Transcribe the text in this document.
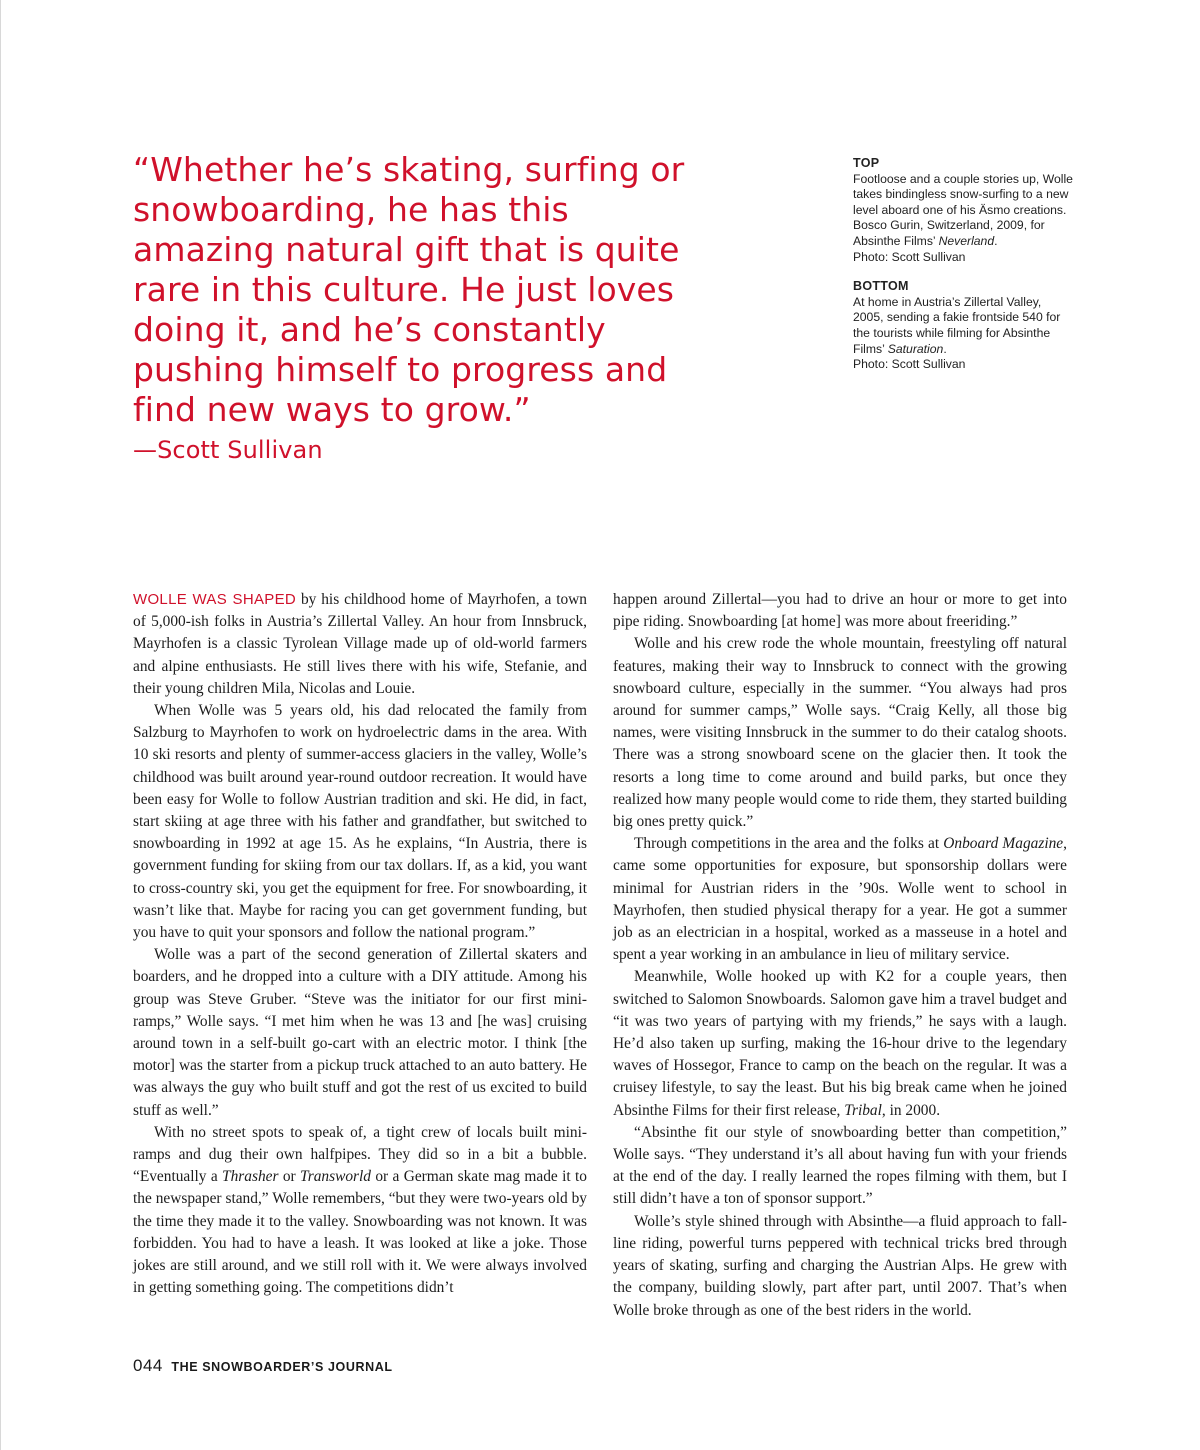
“Whether he’s skating, surfing or snowboarding, he has this amazing natural gift that is quite rare in this culture. He just loves doing it, and he’s constantly pushing himself to progress and find new ways to grow.”
—Scott Sullivan

TOP
Footloose and a couple stories up, Wolle takes bindingless snow-surfing to a new level aboard one of his Äsmo creations. Bosco Gurin, Switzerland, 2009, for Absinthe Films’ Neverland.
Photo: Scott Sullivan

BOTTOM
At home in Austria’s Zillertal Valley, 2005, sending a fakie frontside 540 for the tourists while filming for Absinthe Films’ Saturation.
Photo: Scott Sullivan

WOLLE WAS SHAPED by his childhood home of Mayrhofen, a town of 5,000-ish folks in Austria’s Zillertal Valley. An hour from Innsbruck, Mayrhofen is a classic Tyrolean Village made up of old-world farmers and alpine enthusiasts. He still lives there with his wife, Stefanie, and their young children Mila, Nicolas and Louie.

When Wolle was 5 years old, his dad relocated the family from Salzburg to Mayrhofen to work on hydroelectric dams in the area. With 10 ski resorts and plenty of summer-access glaciers in the valley, Wolle’s childhood was built around year-round outdoor recreation. It would have been easy for Wolle to follow Austrian tradition and ski. He did, in fact, start skiing at age three with his father and grandfather, but switched to snowboarding in 1992 at age 15. As he explains, “In Austria, there is government funding for skiing from our tax dollars. If, as a kid, you want to cross-country ski, you get the equipment for free. For snowboarding, it wasn’t like that. Maybe for racing you can get government funding, but you have to quit your sponsors and follow the national program.”

Wolle was a part of the second generation of Zillertal skaters and boarders, and he dropped into a culture with a DIY attitude. Among his group was Steve Gruber. “Steve was the initiator for our first mini-ramps,” Wolle says. “I met him when he was 13 and [he was] cruising around town in a self-built go-cart with an electric motor. I think [the motor] was the starter from a pickup truck attached to an auto battery. He was always the guy who built stuff and got the rest of us excited to build stuff as well.”

With no street spots to speak of, a tight crew of locals built mini-ramps and dug their own halfpipes. They did so in a bit a bubble. “Eventually a Thrasher or Transworld or a German skate mag made it to the newspaper stand,” Wolle remembers, “but they were two-years old by the time they made it to the valley. Snowboarding was not known. It was forbidden. You had to have a leash. It was looked at like a joke. Those jokes are still around, and we still roll with it. We were always involved in getting something going. The competitions didn’t

happen around Zillertal—you had to drive an hour or more to get into pipe riding. Snowboarding [at home] was more about freeriding.”

Wolle and his crew rode the whole mountain, freestyling off natural features, making their way to Innsbruck to connect with the growing snowboard culture, especially in the summer. “You always had pros around for summer camps,” Wolle says. “Craig Kelly, all those big names, were visiting Innsbruck in the summer to do their catalog shoots. There was a strong snowboard scene on the glacier then. It took the resorts a long time to come around and build parks, but once they realized how many people would come to ride them, they started building big ones pretty quick.”

Through competitions in the area and the folks at Onboard Magazine, came some opportunities for exposure, but sponsorship dollars were minimal for Austrian riders in the ’90s. Wolle went to school in Mayrhofen, then studied physical therapy for a year. He got a summer job as an electrician in a hospital, worked as a masseuse in a hotel and spent a year working in an ambulance in lieu of military service.

Meanwhile, Wolle hooked up with K2 for a couple years, then switched to Salomon Snowboards. Salomon gave him a travel budget and “it was two years of partying with my friends,” he says with a laugh. He’d also taken up surfing, making the 16-hour drive to the legendary waves of Hossegor, France to camp on the beach on the regular. It was a cruisey lifestyle, to say the least. But his big break came when he joined Absinthe Films for their first release, Tribal, in 2000.

“Absinthe fit our style of snowboarding better than competition,” Wolle says. “They understand it’s all about having fun with your friends at the end of the day. I really learned the ropes filming with them, but I still didn’t have a ton of sponsor support.”

Wolle’s style shined through with Absinthe—a fluid approach to fall-line riding, powerful turns peppered with technical tricks bred through years of skating, surfing and charging the Austrian Alps. He grew with the company, building slowly, part after part, until 2007. That’s when Wolle broke through as one of the best riders in the world.

044 THE SNOWBOARDER’S JOURNAL
